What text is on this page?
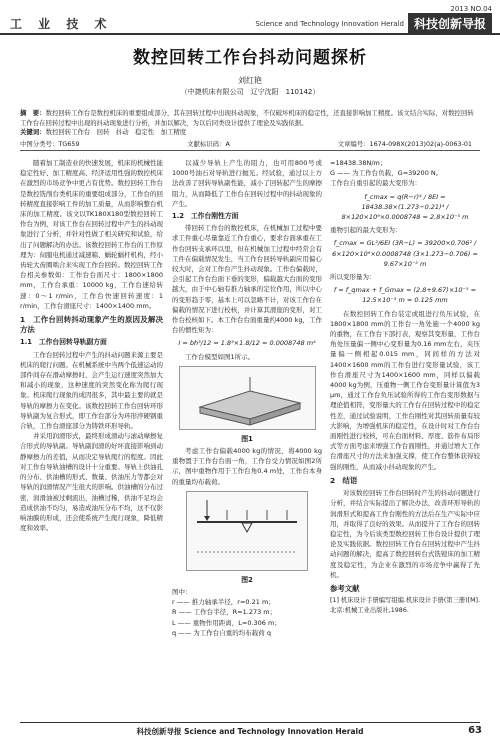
工 业 技 术
2013 NO.04
Science and Technology Innovation Herald 科技创新导报
数控回转工作台抖动问题探析
刘红艳
（中捷机床有限公司　辽宁沈阳　110142）
摘　要：数控回转工作台是数控机床的重要组成部分，其在回转过程中出现抖动现象，不仅破坏机床的稳定性，还直接影响加工精度。该文结合实际，对数控回转工作台在回转过程中出现的抖动现象进行分析，并加以解决，为以后同类设计提供了理论及实践依据。
关键词：数控回转工作台　回转　抖动　稳定性　加工精度
中图分类号：TG659	文献标识码：A	文章编号：1674-098X(2013)02(a)-0063-01

随着加工制造业的快速发展，机床的机械性能稳定性好、加工精度高、经济适用性强的数控机床在激烈的市场竞争中更占有优势。数控回转工作台是数控铣削台类机床的重要组成部分，工作台的回转精度直接影响工件的加工质量，从而影响整台机床的加工精度。该文以TK180X180型数控回转工作台为例，对该工作台在回转过程中产生的抖动现象进行了分析，并针对性做了相关研究和试验，给出了问题解决的办法。该数控回转工作台的工作原理为：伺服电机通过减速箱、蜗轮蜗杆机构，经小齿轮大齿圈啮合来实现工作台回转。数控回转工作台相关参数如：工作台台面尺寸：1800×1800 mm，工作台承重：10000 kg，工作台速给转速：0～1 r/min，工作台快速回转速度：1 r/min，工作台滑座尺寸：1400×1400 mm。

1　工作台回转抖动现象产生的原因及解决方法
1.1　工作台回转导轨副方面

工作台回转过程中产生的抖动问题来源主要是机床的爬行问题。在机械系统中当两个低速运动的部件间存在滑动摩擦时，会产生运行速度突然加大和减小的现象，这种速度的突然变化称为爬行现象。机床爬行现象的成因很多，其中最主要的就是导轨的摩擦力在变化。该数控回转工作台回转环形导轨副为复合形式，即工作台部分为环形淬硬钢重合轨，工作台滑座部分为铸铁环形导轨。

并采用润滑形式，最终形成滑动与滚动摩擦复合形式的导轨副。导轨副润滑的好坏直接影响到动静摩擦力的差值，从而决定导轨爬行的程度。因此对工作台导轨油槽的设计十分重要。导轨上供油孔的分布、供油槽的形式、数量、供油压力等都会对导轨的润滑情况产生很大的影响。供油槽的分布过密，润滑油被过剩流出，油槽过稀，供油不足均会造成供油不均匀，易造成油压分布不均，这不仅影响油膜的形成，还会使系统产生爬行现象，降低精度和效率。

以减少导轨上产生的阻力，也可用800号或1000号油石对导轨进行抛光。经试验，通过以上方法改善了回转导轨副性能，减小了回转起产生的摩擦阻力，从而降低了工作台在回转过程中的抖动现象的产生。

1.2　工作台刚性方面

带回转工作台的数控机床，在机械加工过程中要求工件重心尽量靠近工作台重心，要求台面承重在工作台回转支承环以里，但在机械加工过程中经常会有工件在偏载情况发生，当工作台回转导轨副应用偏心较大时，会对工作台产生抖动现象。工作台偏载时，会引起工作台台面下垂的变形，偏载越大台面的变形越大，由于中心轴有推力轴承的定位作用，所以中心的变形趋于零，基本上可以忽略不计，对该工作台在偏载的情况下进行校核，并计算其滑座的变形，对工作台校核如下。本工作台台面重量约4000 kg，工作台的惯性矩为：

I = bh³/12 = 1.8³×1.8/12 = 0.0008748 m⁴

工作台模型如图1所示。

图1

考虑工作台偏载4000 kg的情况，将4000 kg重物置于工作台台面一角，工作台受力情况如图2所示，图中重物作用于工作台角0.4 m处，工作台本身的重量均布载荷。

图2
图中：
r —— 推力轴承半径，r=0.21 m；
R —— 工作台半径，R=1.273 m；
L —— 重物作用距离，L=0.306 m；
q —— 为工作台自重的均布载荷 q
=18438.38N/m；
G —— 为工作台负载，G=39200 N。
工作台自重引起的最大变形为：
f_cmax = q(R−r)⁴ / 8EI = 18438.38×(1.273−0.21)⁴ / 8×120×10⁹×0.0008748 = 2.8×10⁻⁵ m
重物引起的最大变形为：
f_cmax = GL²/6EI (3R−L) = 39200×0.706² / 6×120×10⁹×0.0008748 (3×1.273−0.706) = 9.67×10⁻⁵ m
所以变形量为：
f = f_qmax + f_Gmax = (2.8+9.67)×10⁻⁵ = 12.5×10⁻⁵ m = 0.125 mm

在数控回转工作台装定或组进行负压试验，在1800×1800 mm的工作台一角处施一个4000 kg的重物，在工作台下部打表，观察其变形量，工作台角处压量偏一侧中心变形量为0.16 mm左右，夹压量偏一侧相起0.015 mm，同间样的方法对1400×1600 mm的工作台进行变形量试验，该工作台滑座尺寸为1400×1600 mm，同样以偏载4000 kg为例，压重物一侧工作台变形量计算值为3 μm，通过工作台负压试验所得的工作台变形数据与理论值相符，变形量大的工作台在回转过程中的稳定性差，通过试验说明，工作台刚性对其回转质量有较大影响，为增强机床的稳定性，在设计时对工作台台面刚性进行校核，可在台面材料、厚度、筋件布局形式等方面考虑来增强工作台面刚性，并通过增大工作台滑座尺寸的方法来加强支撑，使工作台整体获得较强的刚性，从而减小抖动现象的产生。

2　结语

对该数控回转工作台回转时产生的抖动问题进行分析，并结合实际提出了解决办法，改善环形导轨的润滑形式和提高工作台刚性的方法后在生产实际中应用，并取得了良好的效果。从而提升了工作台的回转稳定性，为今后该类型数控回转工作台设计提供了理论及实践依据。数控回转工作台在回转过程中产生抖动问题的解决，提高了数控回转台式铣镗床的加工精度及稳定性，为企业在激烈的市场竞争中赢得了先机。

参考文献
[1] 机床设计手册编写组编.机床设计手册(第三册)[M].北京:机械工业出版社,1986.
科技创新导报 Science and Technology Innovation Herald	63
